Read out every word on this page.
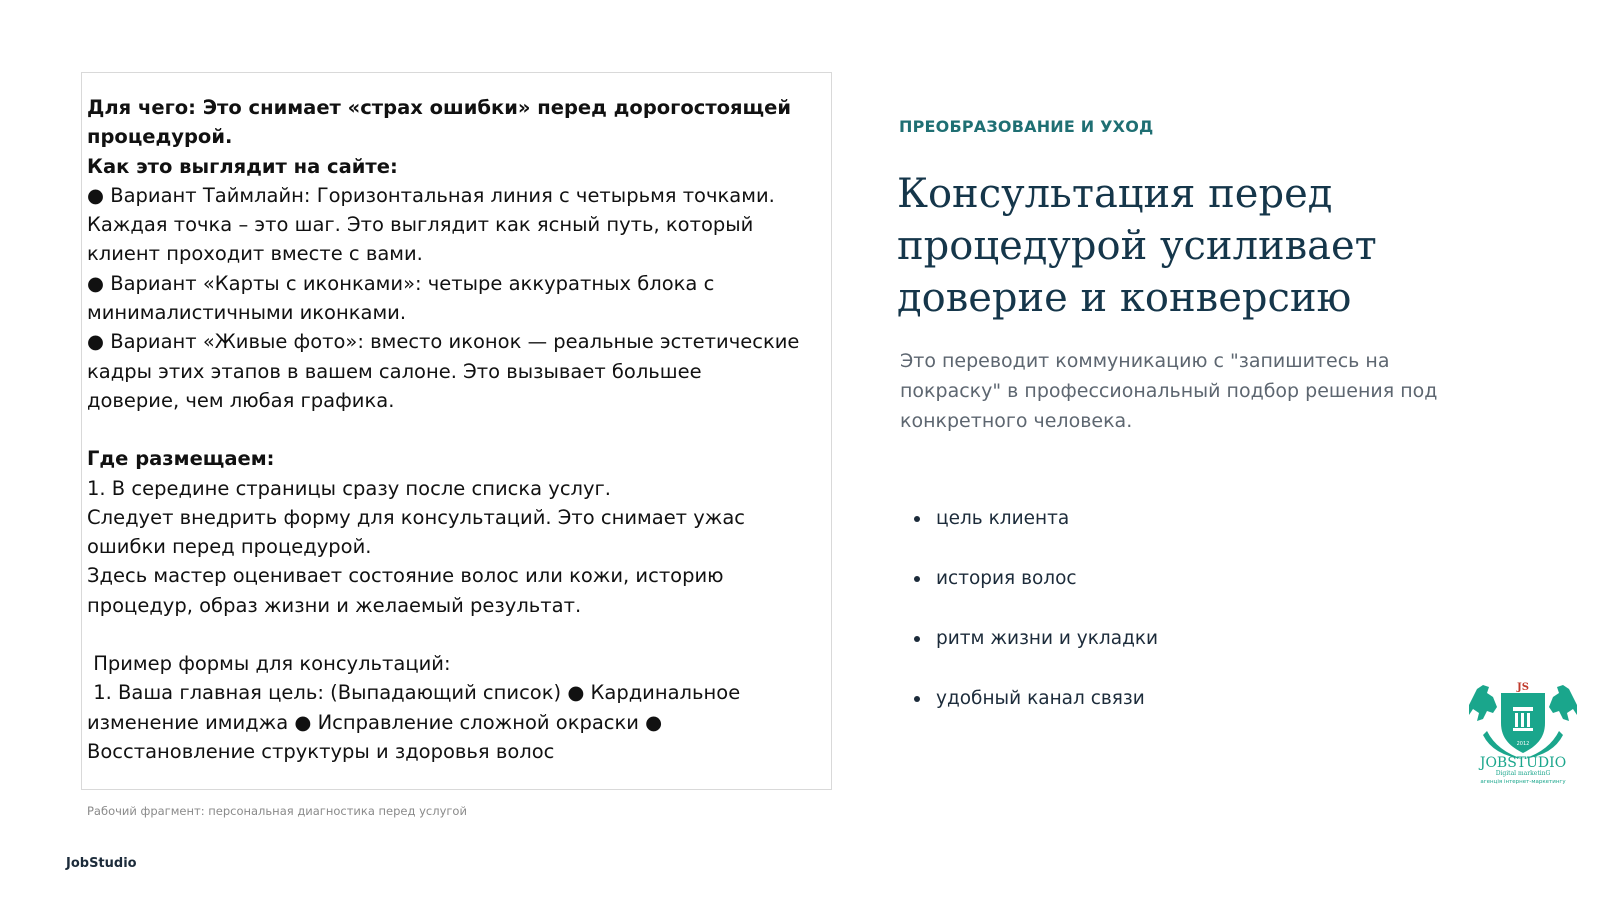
Для чего: Это снимает «страх ошибки» перед дорогостоящей

процедурой.

Как это выглядит на сайте:

● Вариант Таймлайн: Горизонтальная линия с четырьмя точками.

Каждая точка – это шаг. Это выглядит как ясный путь, который

клиент проходит вместе с вами.

● Вариант «Карты с иконками»: четыре аккуратных блока с

минималистичными иконками.

● Вариант «Живые фото»: вместо иконок — реальные эстетические

кадры этих этапов в вашем салоне. Это вызывает большее

доверие, чем любая графика.

Где размещаем:

1. В середине страницы сразу после списка услуг.

Следует внедрить форму для консультаций. Это снимает ужас

ошибки перед процедурой.

Здесь мастер оценивает состояние волос или кожи, историю

процедур, образ жизни и желаемый результат.

Пример формы для консультаций:

1. Ваша главная цель: (Выпадающий список) ● Кардинальное

изменение имиджа ● Исправление сложной окраски ●

Восстановление структуры и здоровья волос

Рабочий фрагмент: персональная диагностика перед услугой
JobStudio
ПРЕОБРАЗОВАНИЕ И УХОД
Консультация перед процедурой усиливает доверие и конверсию
Это переводит коммуникацию с "запишитесь на покраску" в профессиональный подбор решения под конкретного человека.
цель клиента
история волос
ритм жизни и укладки
удобный канал связи
JS
2012
JOBSTUDIO
Digital marketinG
агенція інтернет-маркетингу
